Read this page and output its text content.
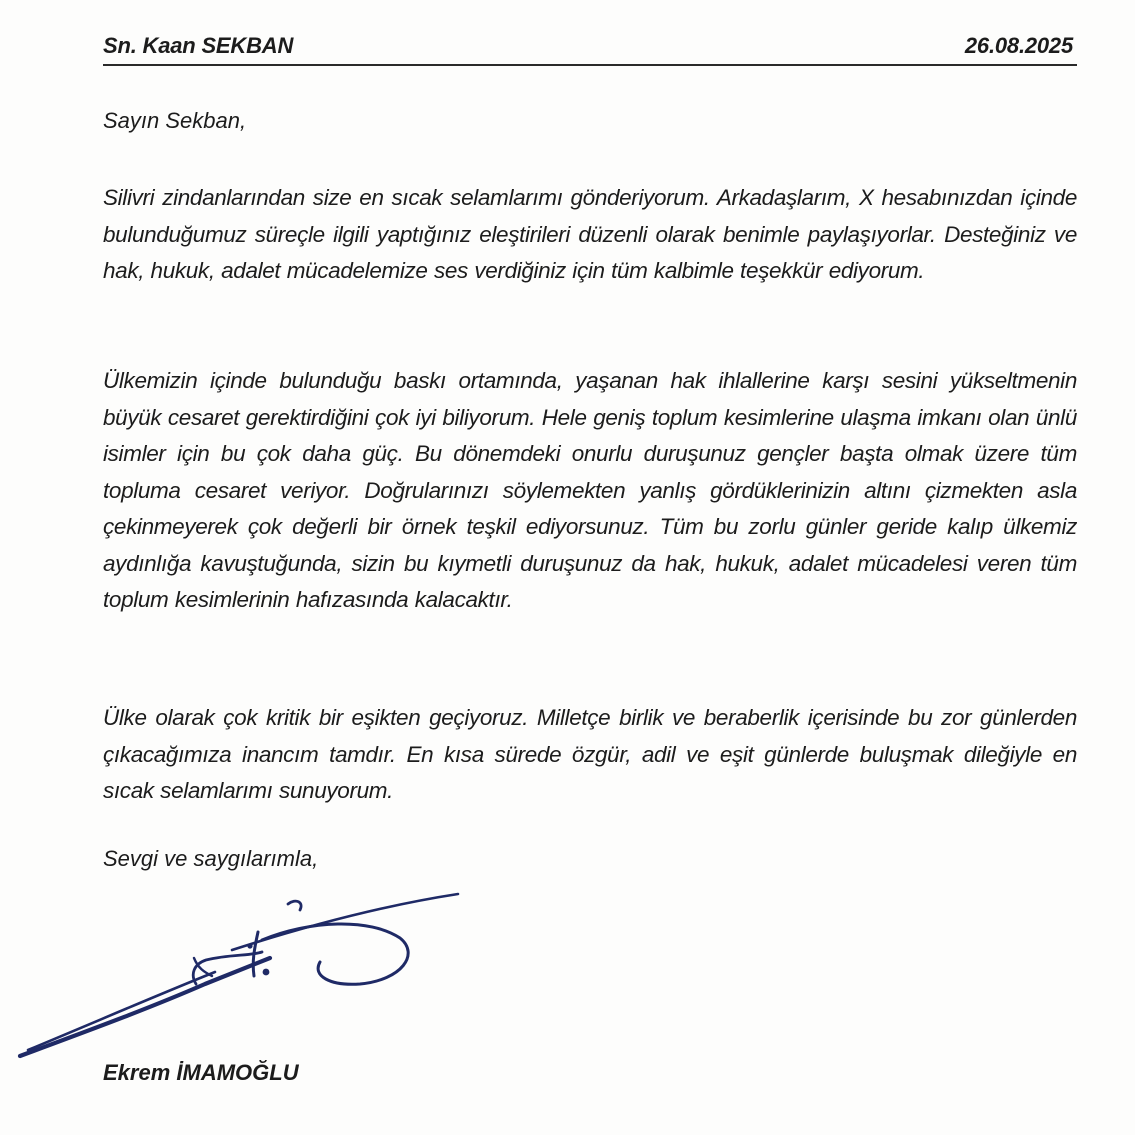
Sn. Kaan SEKBAN	26.08.2025
Sayın Sekban,

Silivri zindanlarından size en sıcak selamlarımı gönderiyorum. Arkadaşlarım, X hesabınızdan içinde bulunduğumuz süreçle ilgili yaptığınız eleştirileri düzenli olarak benimle paylaşıyorlar. Desteğiniz ve hak, hukuk, adalet mücadelemize ses verdiğiniz için tüm kalbimle teşekkür ediyorum.

Ülkemizin içinde bulunduğu baskı ortamında, yaşanan hak ihlallerine karşı sesini yükseltmenin büyük cesaret gerektirdiğini çok iyi biliyorum. Hele geniş toplum kesimlerine ulaşma imkanı olan ünlü isimler için bu çok daha güç. Bu dönemdeki onurlu duruşunuz gençler başta olmak üzere tüm topluma cesaret veriyor. Doğrularınızı söylemekten yanlış gördüklerinizin altını çizmekten asla çekinmeyerek çok değerli bir örnek teşkil ediyorsunuz. Tüm bu zorlu günler geride kalıp ülkemiz aydınlığa kavuştuğunda, sizin bu kıymetli duruşunuz da hak, hukuk, adalet mücadelesi veren tüm toplum kesimlerinin hafızasında kalacaktır.

Ülke olarak çok kritik bir eşikten geçiyoruz. Milletçe birlik ve beraberlik içerisinde bu zor günlerden çıkacağımıza inancım tamdır. En kısa sürede özgür, adil ve eşit günlerde buluşmak dileğiyle en sıcak selamlarımı sunuyorum.

Sevgi ve saygılarımla,
Ekrem İMAMOĞLU
